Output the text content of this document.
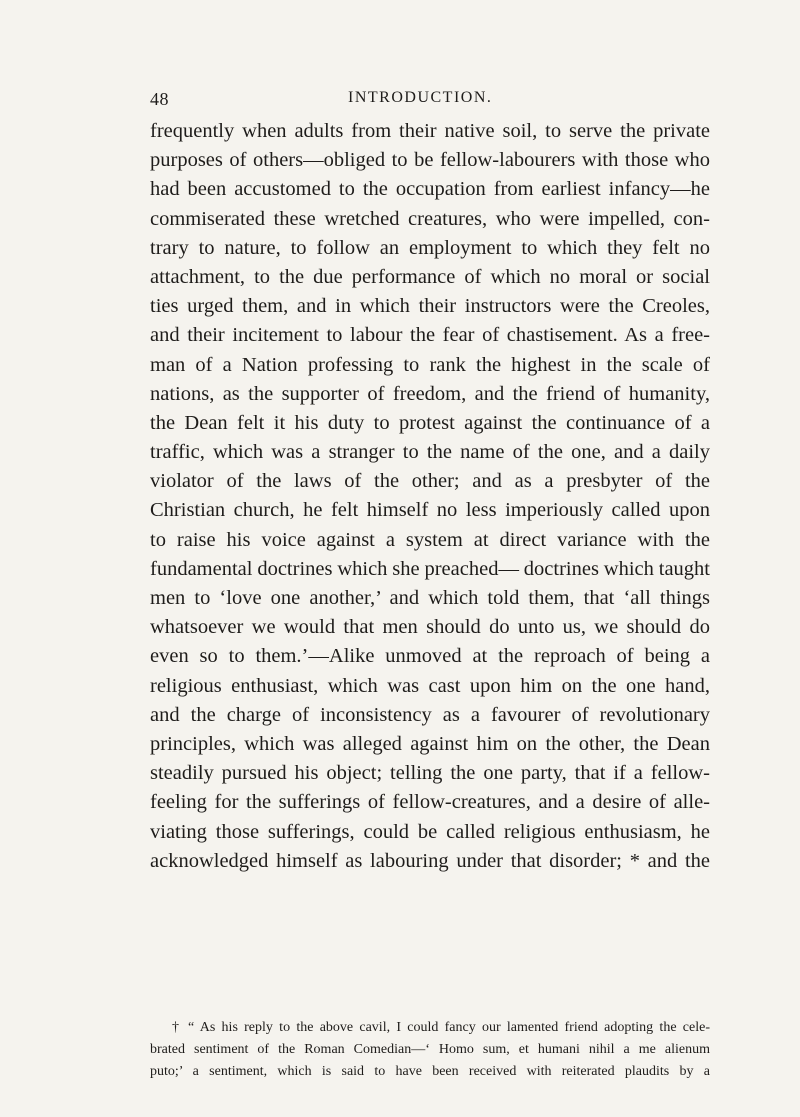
48	INTRODUCTION.
frequently when adults from their native soil, to serve the private
purposes of others—obliged to be fellow-labourers with those who
had been accustomed to the occupation from earliest infancy—he
commiserated these wretched creatures, who were impelled, con-
trary to nature, to follow an employment to which they felt no
attachment, to the due performance of which no moral or social
ties urged them, and in which their instructors were the Creoles,
and their incitement to labour the fear of chastisement. As a free-
man of a Nation professing to rank the highest in the scale of
nations, as the supporter of freedom, and the friend of humanity,
the Dean felt it his duty to protest against the continuance of a
traffic, which was a stranger to the name of the one, and a daily
violator of the laws of the other; and as a presbyter of the
Christian church, he felt himself no less imperiously called upon
to raise his voice against a system at direct variance with the
fundamental doctrines which she preached— doctrines which taught
men to ‘love one another,’ and which told them, that ‘all things
whatsoever we would that men should do unto us, we should do
even so to them.’—Alike unmoved at the reproach of being a
religious enthusiast, which was cast upon him on the one hand,
and the charge of inconsistency as a favourer of revolutionary
principles, which was alleged against him on the other, the Dean
steadily pursued his object; telling the one party, that if a fellow-
feeling for the sufferings of fellow-creatures, and a desire of alle-
viating those sufferings, could be called religious enthusiasm, he
acknowledged himself as labouring under that disorder; * and the
† “ As his reply to the above cavil, I could fancy our lamented friend adopting the cele-
brated sentiment of the Roman Comedian—‘ Homo sum, et humani nihil a me alienum
puto;’ a sentiment, which is said to have been received with reiterated plaudits by a
